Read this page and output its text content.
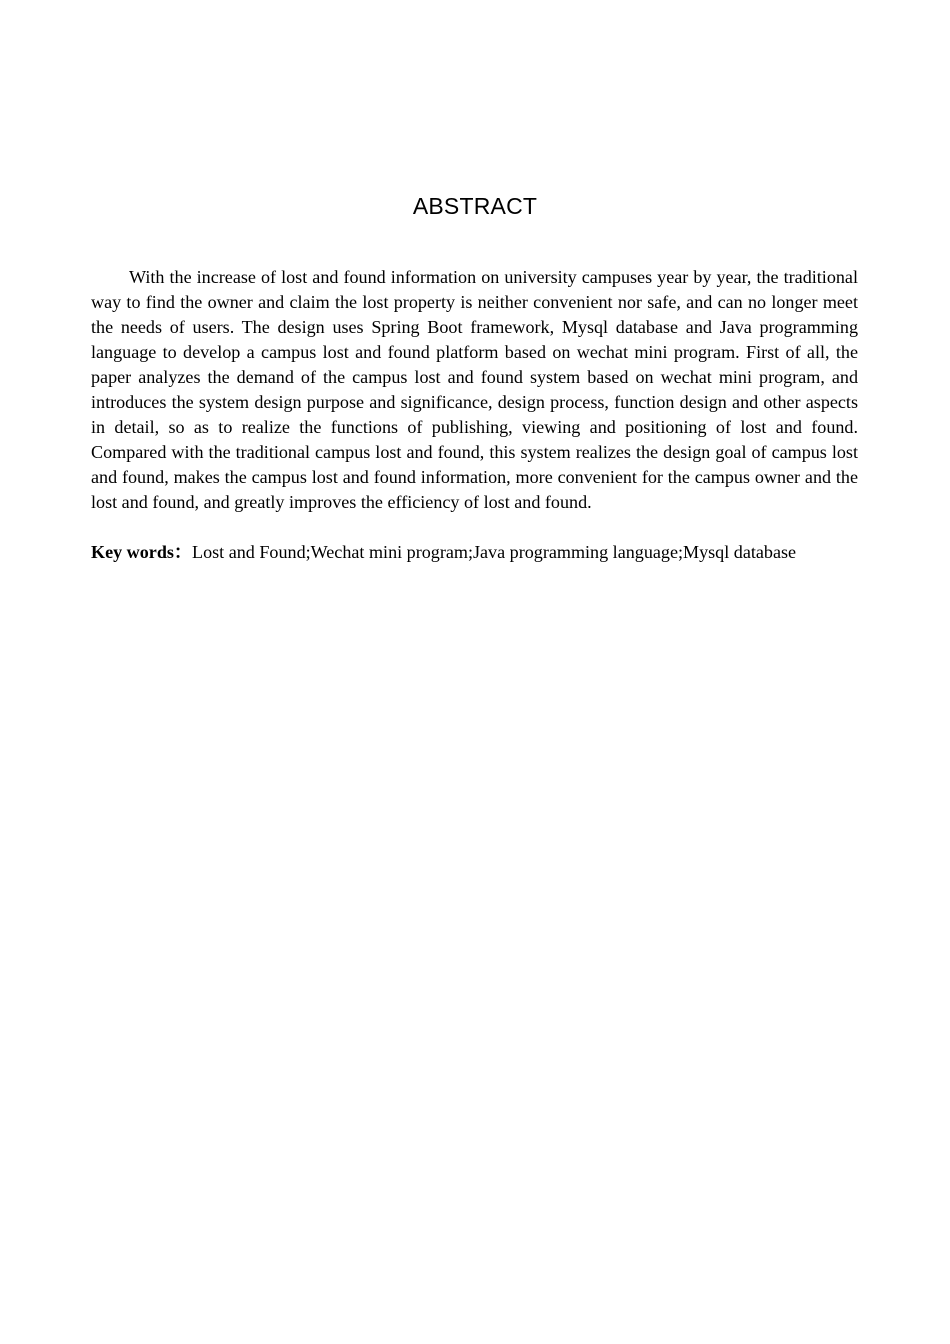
ABSTRACT

With the increase of lost and found information on university campuses year by year, the traditional way to find the owner and claim the lost property is neither convenient nor safe, and can no longer meet the needs of users. The design uses Spring Boot framework, Mysql database and Java programming language to develop a campus lost and found platform based on wechat mini program. First of all, the paper analyzes the demand of the campus lost and found system based on wechat mini program, and introduces the system design purpose and significance, design process, function design and other aspects in detail, so as to realize the functions of publishing, viewing and positioning of lost and found. Compared with the traditional campus lost and found, this system realizes the design goal of campus lost and found, makes the campus lost and found information, more convenient for the campus owner and the lost and found, and greatly improves the efficiency of lost and found.

Key words：Lost and Found;Wechat mini program;Java programming language;Mysql database
